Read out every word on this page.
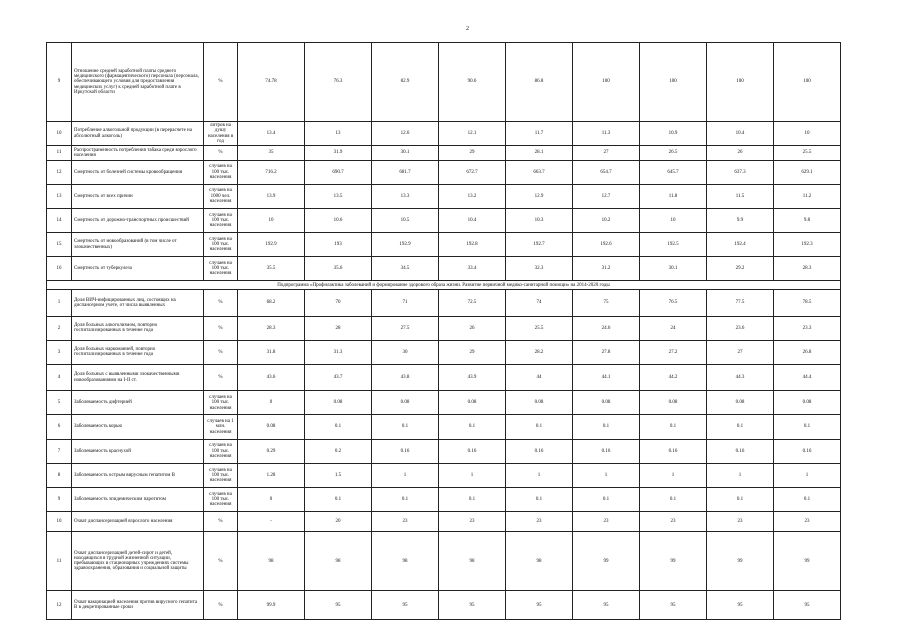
2
9	Отношение средней заработной платы среднего медицинского (фармацевтического) персонала (персонала, обеспечивающего условия для предоставления медицинских услуг) к средней заработной плате в Иркутской области	%	74.78	76.3	82.9	90.6	86.8	100	100	100	100
10	Потребление алкогольной продукции (в перерасчете на абсолютный алкоголь)	литров на душу населения в год	13.4	13	12.6	12.1	11.7	11.3	10.9	10.4	10
11	Распространенность потребления табака среди взрослого населения	%	35	31.9	30.1	29	28.1	27	26.5	26	25.5
12	Смертность от болезней системы кровообращения	случаев на 100 тыс. населения	716.2	690.7	681.7	672.7	663.7	654.7	645.7	637.3	629.1
13	Смертность от всех причин	случаев на 1000 чел. населения	13.9	13.5	13.3	13.2	12.9	12.7	11.8	11.5	11.2
14	Смертность от дорожно-транспортных происшествий	случаев на 100 тыс. населения	10	10.6	10.5	10.4	10.3	10.2	10	9.9	9.8
15	Смертность от новообразований (в том числе от злокачественных)	случаев на 100 тыс. населения	192.9	193	192.9	192.8	192.7	192.6	192.5	192.4	192.3
16	Смертность от туберкулеза	случаев на 100 тыс. населения	35.5	35.6	34.5	33.4	32.3	31.2	30.1	29.2	28.3
Подпрограмма «Профилактика заболеваний и формирование здорового образа жизни. Развитие первичной медико-санитарной помощи» на 2014-2020 годы											
1	Доля ВИЧ-инфицированных лиц, состоящих на диспансерном учете, от числа выявленных	%	68.2	70	71	72.5	74	75	76.5	77.5	78.5
2	Доля больных алкоголизмом, повторно госпитализированных в течение года	%	28.3	28	27.5	26	25.5	24.6	24	23.6	23.3
3	Доля больных наркоманией, повторно госпитализированных в течение года	%	31.8	31.3	30	29	28.2	27.8	27.2	27	26.8
4	Доля больных с выявленными злокачественными новообразованиями на I-II ст.	%	43.6	43.7	43.8	43.9	44	44.1	44.2	44.3	44.4
5	Заболеваемость дифтерией	случаев на 100 тыс. населения	0	0.08	0.08	0.08	0.08	0.08	0.08	0.08	0.08
6	Заболеваемость корью	случаев на 1 млн. населения	0.08	0.1	0.1	0.1	0.1	0.1	0.1	0.1	0.1
7	Заболеваемость краснухой	случаев на 100 тыс. населения	0.29	0.2	0.16	0.16	0.16	0.16	0.16	0.16	0.16
8	Заболеваемость острым вирусным гепатитом В	случаев на 100 тыс. населения	1.28	1.5	1	1	1	1	1	1	1
9	Заболеваемость эпидемическим паротитом	случаев на 100 тыс. населения	0	0.1	0.1	0.1	0.1	0.1	0.1	0.1	0.1
10	Охват диспансеризацией взрослого населения	%	-	20	23	23	23	23	23	23	23
11	Охват диспансеризацией детей-сирот и детей, находящихся в трудной жизненной ситуации, пребывающих в стационарных учреждениях системы здравоохранения, образования и социальной защиты	%	98	98	98	98	98	99	99	99	99
12	Охват вакцинацией населения против вирусного гепатита В в декретированные сроки	%	99.9	95	95	95	95	95	95	95	95
